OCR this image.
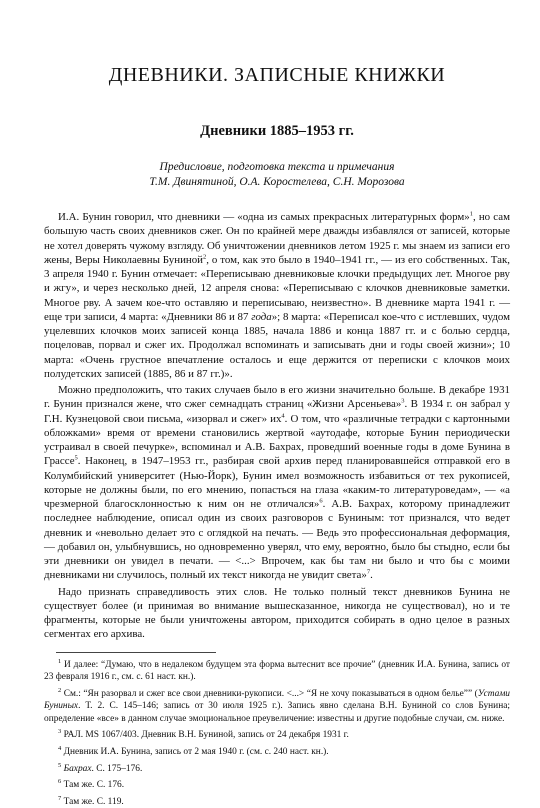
ДНЕВНИКИ. ЗАПИСНЫЕ КНИЖКИ
Дневники 1885–1953 гг.
Предисловие, подготовка текста и примечания
Т.М. Двинятиной, О.А. Коростелева, С.Н. Морозова

И.А. Бунин говорил, что дневники — «одна из самых прекрасных литературных форм»$^1$, но сам большую часть своих дневников сжег. Он по крайней мере дважды избавлялся от записей, которые не хотел доверять чужому взгляду. Об уничтожении дневников летом 1925 г. мы знаем из записи его жены, Веры Николаевны Буниной$^2$, о том, как это было в 1940–1941 гг., — из его собственных. Так, 3 апреля 1940 г. Бунин отмечает: «Переписываю дневниковые клочки предыдущих лет. Многое рву и жгу», и через несколько дней, 12 апреля снова: «Переписываю с клочков дневниковые заметки. Многое рву. А зачем кое-что оставляю и переписываю, неизвестно». В дневнике марта 1941 г. — еще три записи, 4 марта: «Дневники 86 и 87 года»; 8 марта: «Переписал кое-что с истлевших, чудом уцелевших клочков моих записей конца 1885, начала 1886 и конца 1887 гг. и с болью сердца, поцеловав, порвал и сжег их. Продолжал вспоминать и записывать дни и годы своей жизни»; 10 марта: «Очень грустное впечатление осталось и еще держится от переписки с клочков моих полудетских записей (1885, 86 и 87 гг.)».

Можно предположить, что таких случаев было в его жизни значительно больше. В декабре 1931 г. Бунин признался жене, что сжег семнадцать страниц «Жизни Арсеньева»$^3$. В 1934 г. он забрал у Г.Н. Кузнецовой свои письма, «изорвал и сжег» $их^4$. О том, что «различные тетрадки с картонными обложками» время от времени становились жертвой «аутодафе, которые Бунин периодически устраивал в своей печурке», вспоминал и А.В. Бахрах, проведший военные годы в доме Бунина в Грассе$^5$. Наконец, в 1947–1953 гг., разбирая свой архив перед планировавшейся отправкой его в Колумбийский университет (Нью-Йорк), Бунин имел возможность избавиться от тех рукописей, которые не должны были, по его мнению, попасться на глаза «каким-то литературоведам», — «а чрезмерной благосклонностью к ним он не отличался»$^6$. А.В. Бахрах, которому принадлежит последнее наблюдение, описал один из своих разговоров с Буниным: тот признался, что ведет дневник и «невольно делает это с оглядкой на печать. — Ведь это профессиональная деформация, — добавил он, улыбнувшись, но одновременно уверял, что ему, вероятно, было бы стыдно, если бы эти дневники он увидел в печати. — <...> Впрочем, как бы там ни было и что бы с моими дневниками ни случилось, полный их текст никогда не увидит света»$^7$.

Надо признать справедливость этих слов. Не только полный текст дневников Бунина не существует более (и принимая во внимание вышесказанное, никогда не существовал), но и те фрагменты, которые не были уничтожены автором, приходится собирать в одно целое в разных сегментах его архива.

$^1$ И далее: “Думаю, что в недалеком будущем эта форма вытеснит все прочие” (дневник И.А. Бунина, запись от 23 февраля 1916 г., см. с. 61 наст. кн.).

$^2$ См.: “Ян разорвал и сжег все свои дневники-рукописи. <...> “Я не хочу показываться в одном белье”” (Устами Буниных. Т. 2. С. 145–146; запись от 30 июля 1925 г.). Запись явно сделана В.Н. Буниной со слов Бунина; определение «все» в данном случае эмоциональное преувеличение: известны и другие подобные случаи, см. ниже.

$^3$ РАЛ. MS 1067/403. Дневник В.Н. Буниной, запись от 24 декабря 1931 г.

$^4$ Дневник И.А. Бунина, запись от 2 мая 1940 г. (см. с. 240 наст. кн.).

$^5$ Бахрах. С. 175–176.

$^6$ Там же. С. 176.

$^7$ Там же. С. 119.
